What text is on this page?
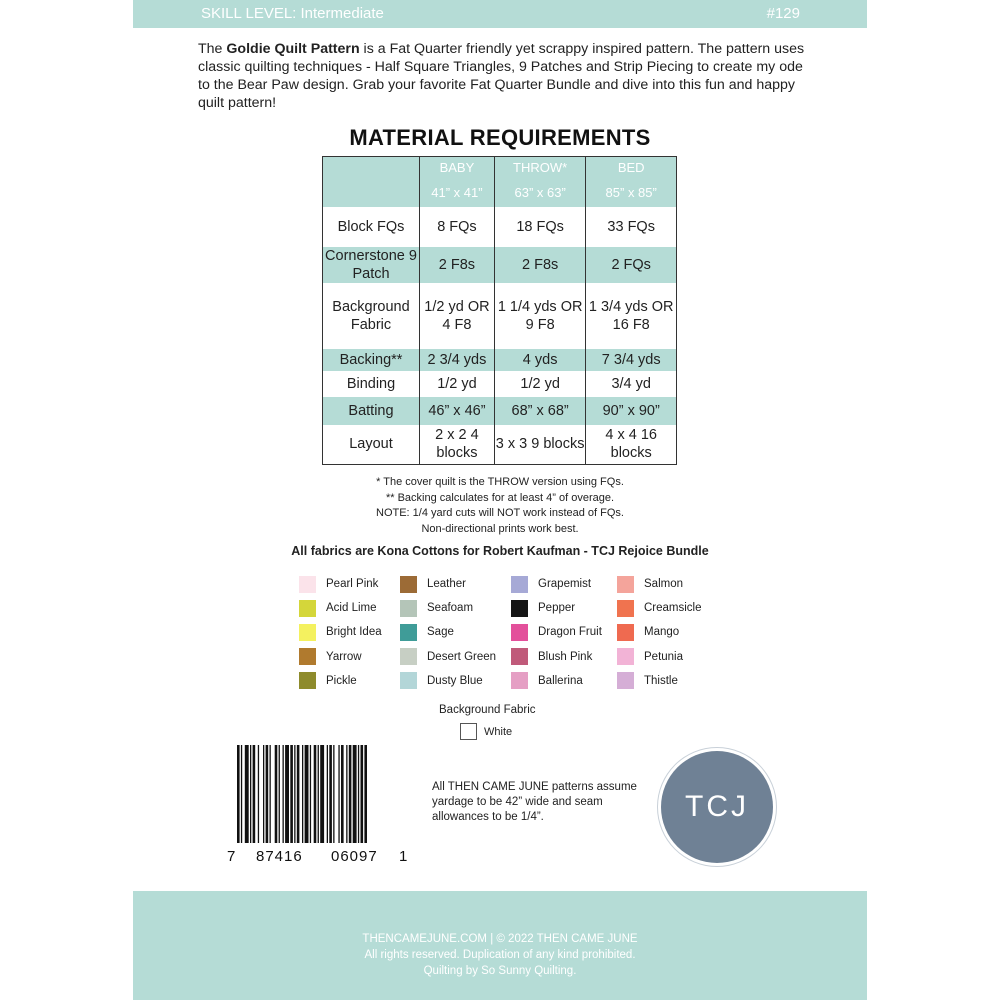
SKILL LEVEL: Intermediate	#129
The Goldie Quilt Pattern is a Fat Quarter friendly yet scrappy inspired pattern. The pattern uses classic quilting techniques - Half Square Triangles, 9 Patches and Strip Piecing to create my ode to the Bear Paw design. Grab your favorite Fat Quarter Bundle and dive into this fun and happy quilt pattern!
MATERIAL REQUIREMENTS
	BABY	THROW*	BED
	41” x 41”	63” x 63”	85” x 85”
Block FQs	8 FQs	18 FQs	33 FQs
Cornerstone 9 Patch	2 F8s	2 F8s	2 FQs
Background Fabric	1/2 yd OR 4 F8	1 1/4 yds OR 9 F8	1 3/4 yds OR 16 F8
Backing**	2 3/4 yds	4 yds	7 3/4 yds
Binding	1/2 yd	1/2 yd	3/4 yd
Batting	46” x 46”	68” x 68”	90” x 90”
Layout	2 x 2 4 blocks	3 x 3 9 blocks	4 x 4 16 blocks
* The cover quilt is the THROW version using FQs.
** Backing calculates for at least 4” of overage.
NOTE: 1/4 yard cuts will NOT work instead of FQs.
Non-directional prints work best.
All fabrics are Kona Cottons for Robert Kaufman - TCJ Rejoice Bundle
Pearl Pink
Acid Lime
Bright Idea
Yarrow
Pickle
Leather
Seafoam
Sage
Desert Green
Dusty Blue
Grapemist
Pepper
Dragon Fruit
Blush Pink
Ballerina
Salmon
Creamsicle
Mango
Petunia
Thistle
Background Fabric
White
7 87416 06097 1
All THEN CAME JUNE patterns assume yardage to be 42” wide and seam allowances to be 1/4”.	TCJ
THENCAMEJUNE.COM | © 2022 THEN CAME JUNE
All rights reserved. Duplication of any kind prohibited.
Quilting by So Sunny Quilting.
